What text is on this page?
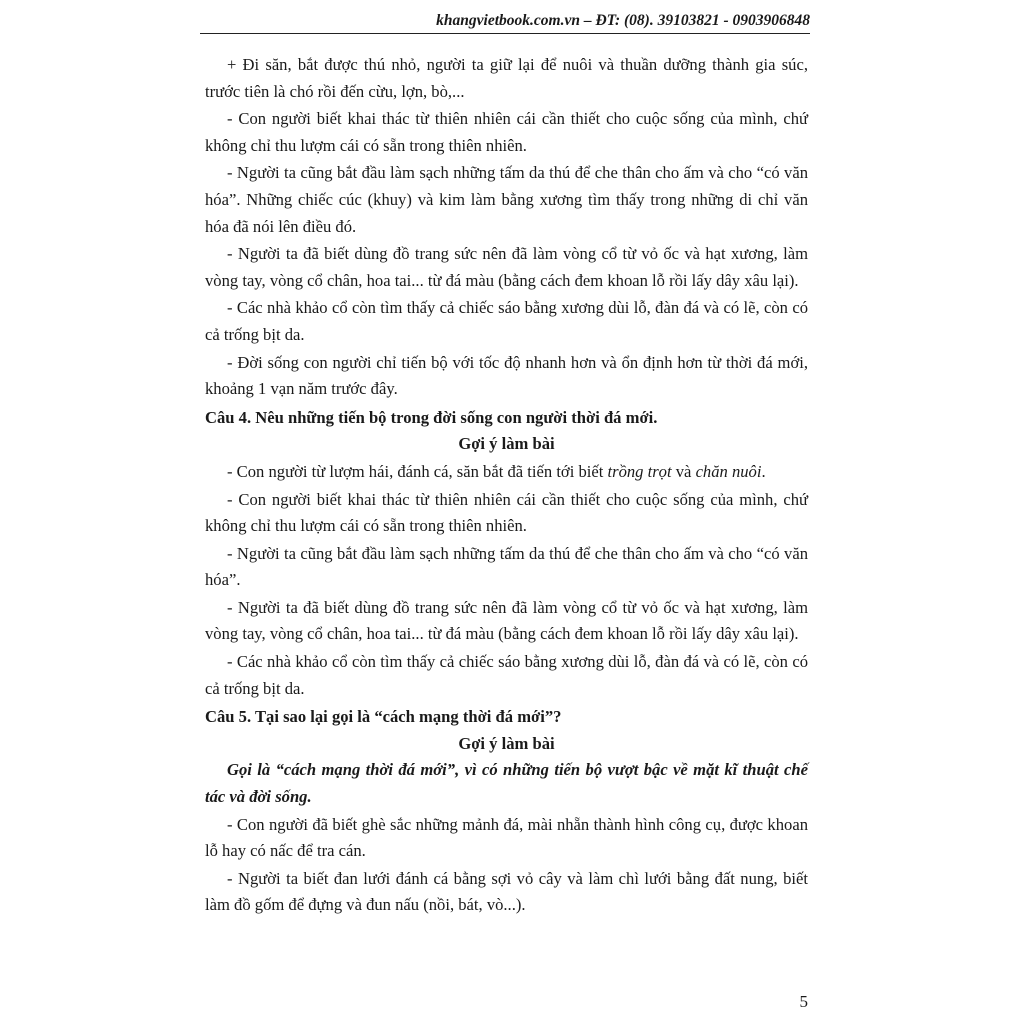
khangvietbook.com.vn – ĐT: (08). 39103821 - 0903906848

+ Đi săn, bắt được thú nhỏ, người ta giữ lại để nuôi và thuần dưỡng thành gia súc, trước tiên là chó rồi đến cừu, lợn, bò,...

- Con người biết khai thác từ thiên nhiên cái cần thiết cho cuộc sống của mình, chứ không chỉ thu lượm cái có sẵn trong thiên nhiên.

- Người ta cũng bắt đầu làm sạch những tấm da thú để che thân cho ấm và cho “có văn hóa”. Những chiếc cúc (khuy) và kim làm bằng xương tìm thấy trong những di chỉ văn hóa đã nói lên điều đó.

- Người ta đã biết dùng đồ trang sức nên đã làm vòng cổ từ vỏ ốc và hạt xương, làm vòng tay, vòng cổ chân, hoa tai... từ đá màu (bằng cách đem khoan lỗ rồi lấy dây xâu lại).

- Các nhà khảo cổ còn tìm thấy cả chiếc sáo bằng xương dùi lỗ, đàn đá và có lẽ, còn có cả trống bịt da.

- Đời sống con người chỉ tiến bộ với tốc độ nhanh hơn và ổn định hơn từ thời đá mới, khoảng 1 vạn năm trước đây.

Câu 4. Nêu những tiến bộ trong đời sống con người thời đá mới.

Gợi ý làm bài

- Con người từ lượm hái, đánh cá, săn bắt đã tiến tới biết trồng trọt và chăn nuôi.

- Con người biết khai thác từ thiên nhiên cái cần thiết cho cuộc sống của mình, chứ không chỉ thu lượm cái có sẵn trong thiên nhiên.

- Người ta cũng bắt đầu làm sạch những tấm da thú để che thân cho ấm và cho “có văn hóa”.

- Người ta đã biết dùng đồ trang sức nên đã làm vòng cổ từ vỏ ốc và hạt xương, làm vòng tay, vòng cổ chân, hoa tai... từ đá màu (bằng cách đem khoan lỗ rồi lấy dây xâu lại).

- Các nhà khảo cổ còn tìm thấy cả chiếc sáo bằng xương dùi lỗ, đàn đá và có lẽ, còn có cả trống bịt da.

Câu 5. Tại sao lại gọi là “cách mạng thời đá mới”?

Gợi ý làm bài

Gọi là “cách mạng thời đá mới”, vì có những tiến bộ vượt bậc về mặt kĩ thuật chế tác và đời sống.

- Con người đã biết ghè sắc những mảnh đá, mài nhẵn thành hình công cụ, được khoan lỗ hay có nấc để tra cán.

- Người ta biết đan lưới đánh cá bằng sợi vỏ cây và làm chì lưới bằng đất nung, biết làm đồ gốm để đựng và đun nấu (nồi, bát, vò...).

5
